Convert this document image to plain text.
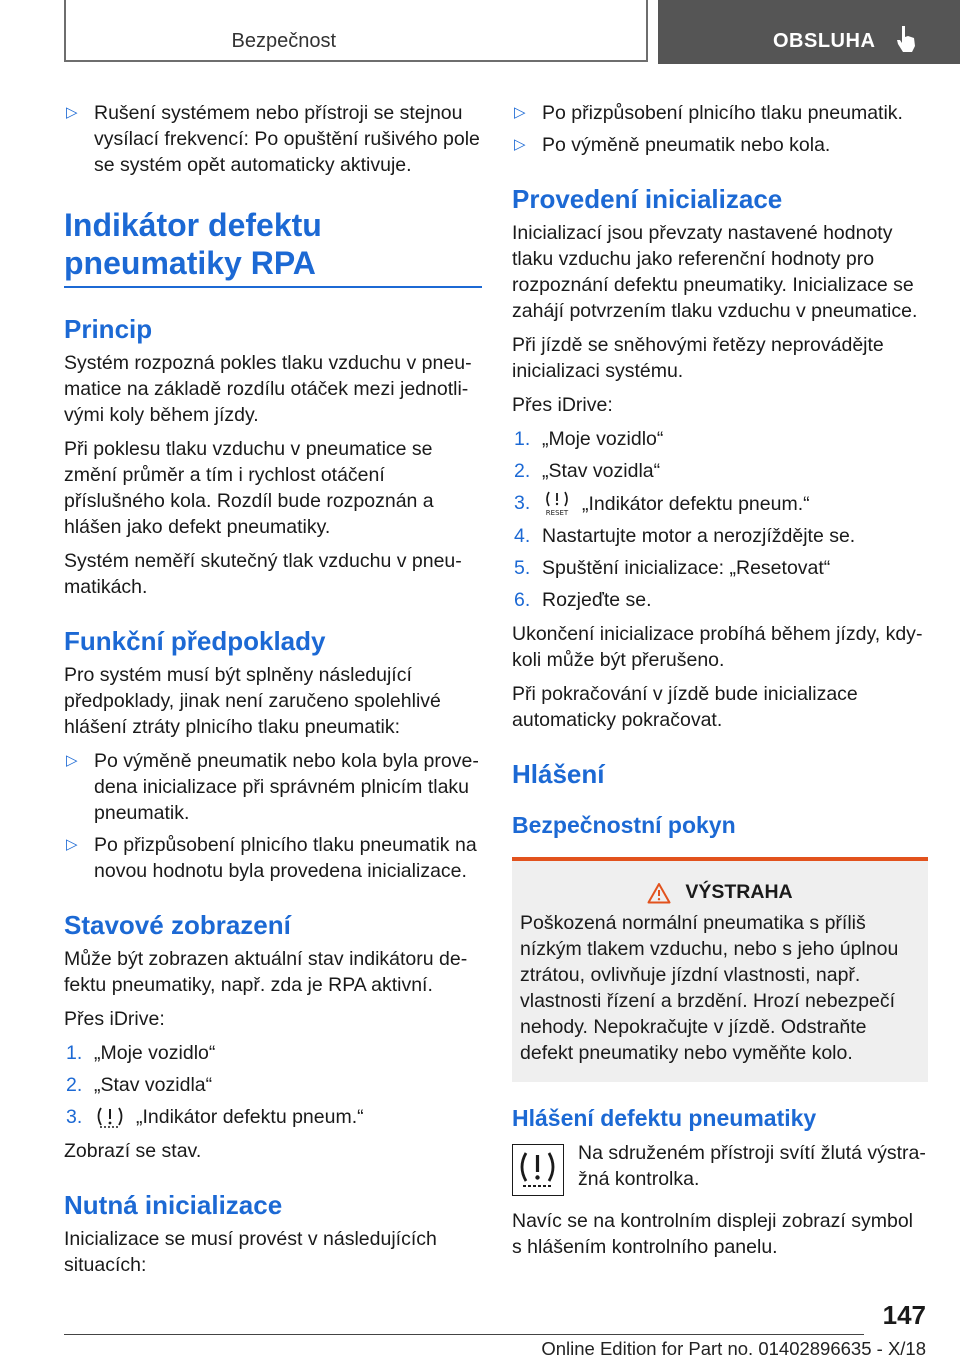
Bezpečnost	OBSLUHA
▷ Rušení systémem nebo přístroji se stejnou vysílací frekvencí: Po opuštění rušivého pole se systém opět automaticky aktivuje.
Indikátor defektu pneumatiky RPA
Princip

Systém rozpozná pokles tlaku vzduchu v pneumatice na základě rozdílu otáček mezi jednotlivými koly během jízdy.

Při poklesu tlaku vzduchu v pneumatice se změní průměr a tím i rychlost otáčení příslušného kola. Rozdíl bude rozpoznán a hlášen jako defekt pneumatiky.

Systém neměří skutečný tlak vzduchu v pneumatikách.

Funkční předpoklady

Pro systém musí být splněny následující předpoklady, jinak není zaručeno spolehlivé hlášení ztráty plnicího tlaku pneumatik:

▷ Po výměně pneumatik nebo kola byla provedena inicializace při správném plnicím tlaku pneumatik.
▷ Po přizpůsobení plnicího tlaku pneumatik na novou hodnotu byla provedena inicializace.
Stavové zobrazení

Může být zobrazen aktuální stav indikátoru defektu pneumatiky, např. zda je RPA aktivní.

Přes iDrive:

1. „Moje vozidlo“
2. „Stav vozidla“
3.	„Indikátor defektu pneum.“

Zobrazí se stav.

Nutná inicializace

Inicializace se musí provést v následujících situacích:

▷ Po přizpůsobení plnicího tlaku pneumatik.
▷ Po výměně pneumatik nebo kola.
Provedení inicializace

Inicializací jsou převzaty nastavené hodnoty tlaku vzduchu jako referenční hodnoty pro rozpoznání defektu pneumatiky. Inicializace se zahájí potvrzením tlaku vzduchu v pneumatice.

Při jízdě se sněhovými řetězy neprovádějte inicializaci systému.

Přes iDrive:

1. „Moje vozidlo“
2. „Stav vozidla“
3. RESET „Indikátor defektu pneum.“
4. Nastartujte motor a nerozjíždějte se.
5. Spuštění inicializace: „Resetovat“
6. Rozjeďte se.

Ukončení inicializace probíhá během jízdy, kdykoli může být přerušeno.

Při pokračování v jízdě bude inicializace automaticky pokračovat.

Hlášení
Bezpečnostní pokyn
VÝSTRAHA

Poškozená normální pneumatika s příliš nízkým tlakem vzduchu, nebo s jeho úplnou ztrátou, ovlivňuje jízdní vlastnosti, např. vlastnosti řízení a brzdění. Hrozí nebezpečí nehody. Nepokračujte v jízdě. Odstraňte defekt pneumatiky nebo vyměňte kolo.

Hlášení defektu pneumatiky

Na sdruženém přístroji svítí žlutá výstražná kontrolka.

Navíc se na kontrolním displeji zobrazí symbol s hlášením kontrolního panelu.

147
Online Edition for Part no. 01402896635 - X/18
